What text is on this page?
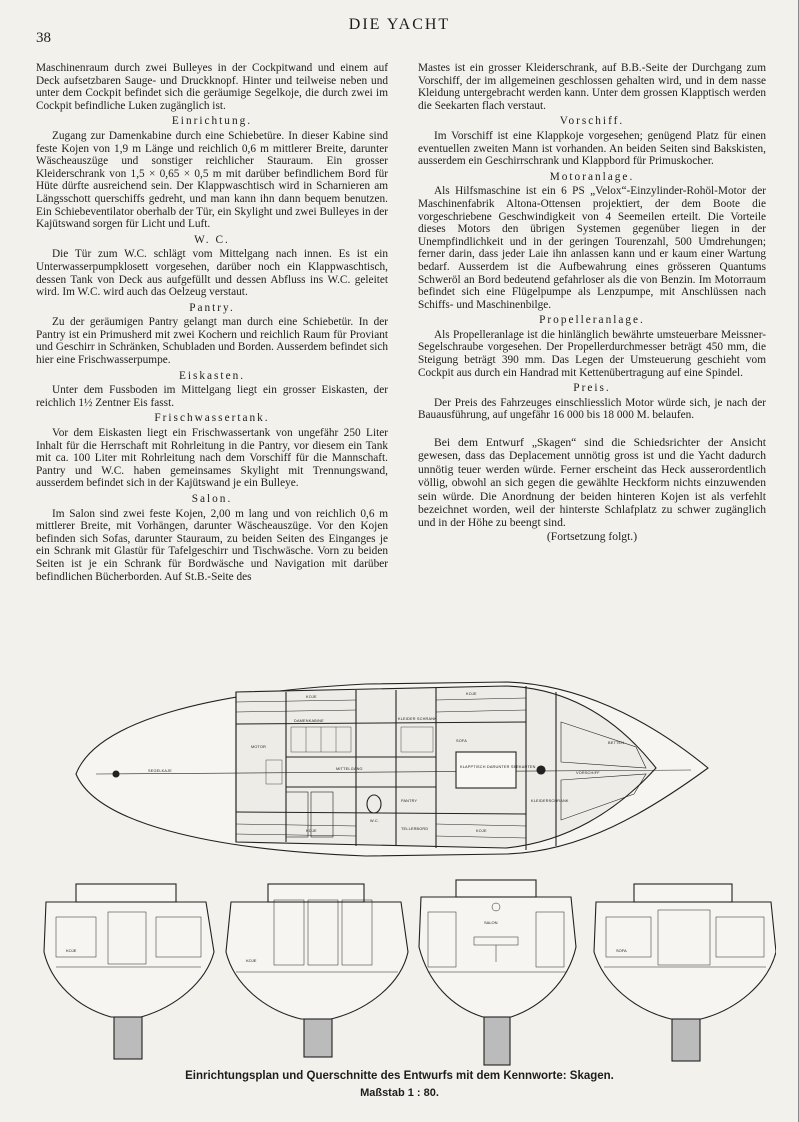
38
DIE YACHT

Maschinenraum durch zwei Bulleyes in der Cockpitwand und einem auf Deck aufsetzbaren Sauge- und Druckknopf. Hinter und teilweise neben und unter dem Cockpit befindet sich die geräumige Segelkoje, die durch zwei im Cockpit befindliche Luken zugänglich ist.

Einrichtung.

Zugang zur Damenkabine durch eine Schiebetüre. In dieser Kabine sind feste Kojen von 1,9 m Länge und reichlich 0,6 m mittlerer Breite, darunter Wäscheauszüge und sonstiger reichlicher Stauraum. Ein grosser Kleiderschrank von 1,5 × 0,65 × 0,5 m mit darüber befindlichem Bord für Hüte dürfte ausreichend sein. Der Klappwaschtisch wird in Scharnieren am Längsschott querschiffs gedreht, und man kann ihn dann bequem benutzen. Ein Schiebeventilator oberhalb der Tür, ein Skylight und zwei Bulleyes in der Kajütswand sorgen für Licht und Luft.

W. C.

Die Tür zum W.C. schlägt vom Mittelgang nach innen. Es ist ein Unterwasserpumpklosett vorgesehen, darüber noch ein Klappwaschtisch, dessen Tank von Deck aus aufgefüllt und dessen Abfluss ins W.C. geleitet wird. Im W.C. wird auch das Oelzeug verstaut.

Pantry.

Zu der geräumigen Pantry gelangt man durch eine Schiebetür. In der Pantry ist ein Primusherd mit zwei Kochern und reichlich Raum für Proviant und Geschirr in Schränken, Schubladen und Borden. Ausserdem befindet sich hier eine Frischwasserpumpe.

Eiskasten.

Unter dem Fussboden im Mittelgang liegt ein grosser Eiskasten, der reichlich 1½ Zentner Eis fasst.

Frischwassertank.

Vor dem Eiskasten liegt ein Frischwassertank von ungefähr 250 Liter Inhalt für die Herrschaft mit Rohrleitung in die Pantry, vor diesem ein Tank mit ca. 100 Liter mit Rohrleitung nach dem Vorschiff für die Mannschaft. Pantry und W.C. haben gemeinsames Skylight mit Trennungswand, ausserdem befindet sich in der Kajütswand je ein Bulleye.

Salon.

Im Salon sind zwei feste Kojen, 2,00 m lang und von reichlich 0,6 m mittlerer Breite, mit Vorhängen, darunter Wäscheauszüge. Vor den Kojen befinden sich Sofas, darunter Stauraum, zu beiden Seiten des Einganges je ein Schrank mit Glastür für Tafelgeschirr und Tischwäsche. Vorn zu beiden Seiten ist je ein Schrank für Bordwäsche und Navigation mit darüber befindlichen Bücherborden. Auf St.B.-Seite des

Mastes ist ein grosser Kleiderschrank, auf B.B.-Seite der Durchgang zum Vorschiff, der im allgemeinen geschlossen gehalten wird, und in dem nasse Kleidung untergebracht werden kann. Unter dem grossen Klapptisch werden die Seekarten flach verstaut.

Vorschiff.

Im Vorschiff ist eine Klappkoje vorgesehen; genügend Platz für einen eventuellen zweiten Mann ist vorhanden. An beiden Seiten sind Bakskisten, ausserdem ein Geschirrschrank und Klappbord für Primuskocher.

Motoranlage.

Als Hilfsmaschine ist ein 6 PS „Velox“-Einzylinder-Rohöl-Motor der Maschinenfabrik Altona-Ottensen projektiert, der dem Boote die vorgeschriebene Geschwindigkeit von 4 Seemeilen erteilt. Die Vorteile dieses Motors den übrigen Systemen gegenüber liegen in der Unempfindlichkeit und in der geringen Tourenzahl, 500 Umdrehungen; ferner darin, dass jeder Laie ihn anlassen kann und er kaum einer Wartung bedarf. Ausserdem ist die Aufbewahrung eines grösseren Quantums Schweröl an Bord bedeutend gefahrloser als die von Benzin. Im Motorraum befindet sich eine Flügelpumpe als Lenzpumpe, mit Anschlüssen nach Schiffs- und Maschinenbilge.

Propelleranlage.

Als Propelleranlage ist die hinlänglich bewährte umsteuerbare Meissner-Segelschraube vorgesehen. Der Propellerdurchmesser beträgt 450 mm, die Steigung beträgt 390 mm. Das Legen der Umsteuerung geschieht vom Cockpit aus durch ein Handrad mit Kettenübertragung auf eine Spindel.

Preis.

Der Preis des Fahrzeuges einschliesslich Motor würde sich, je nach der Bauausführung, auf ungefähr 16 000 bis 18 000 M. belaufen.

Bei dem Entwurf „Skagen“ sind die Schiedsrichter der Ansicht gewesen, dass das Deplacement unnötig gross ist und die Yacht dadurch unnötig teuer werden würde. Ferner erscheint das Heck ausserordentlich völlig, obwohl an sich gegen die gewählte Heckform nichts einzuwenden sein würde. Die Anordnung der beiden hinteren Kojen ist als verfehlt bezeichnet worden, weil der hinterste Schlafplatz zu schwer zugänglich und in der Höhe zu beengt sind.

(Fortsetzung folgt.)

SEGELKAJE
KOJE
KOJE
MOTOR
DAMENKABINE	KLEIDER SCHRANK
MITTELGANG
W.C.
PANTRY
KLAPPTISCH DARUNTER SEEKARTEN
KOJE	KOJE
TELLERBORD
VORSCHIFF
BETTEN
KLEIDERSCHRANK
SOFA
SALON
KOJE
KOJE
SOFA
Einrichtungsplan und Querschnitte des Entwurfs mit dem Kennworte: Skagen.
Maßstab 1 : 80.
